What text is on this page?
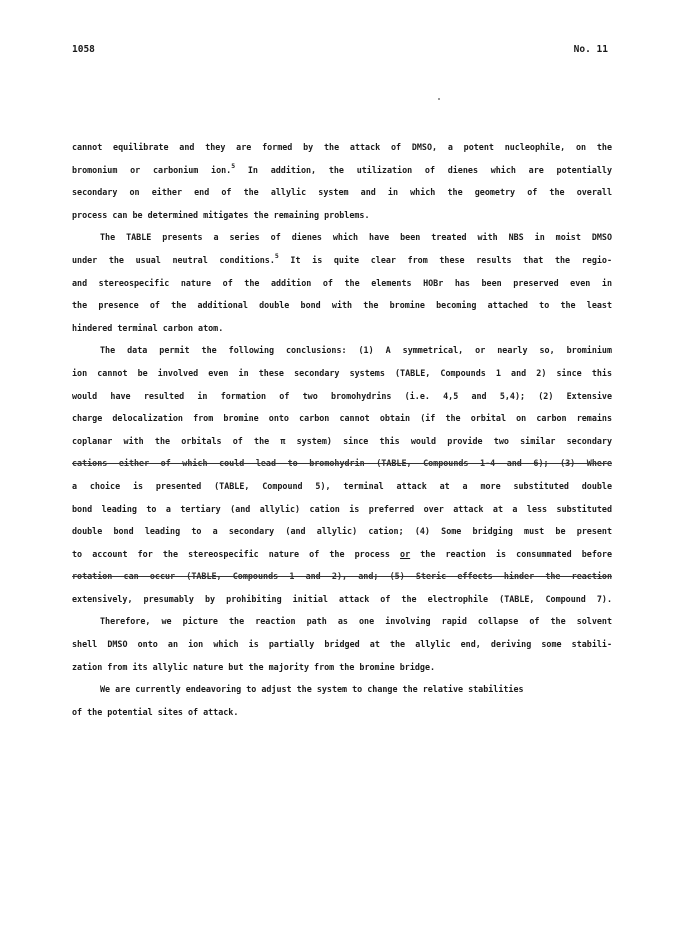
1058	No. 11
cannot equilibrate and they are formed by the attack of DMSO, a potent nucleophile, on the
bromonium or carbonium ion.$^5$ In addition, the utilization of dienes which are potentially
secondary on either end of the allylic system and in which the geometry of the overall
process can be determined mitigates the remaining problems.
The TABLE presents a series of dienes which have been treated with NBS in moist DMSO
under the usual neutral conditions.$^5$ It is quite clear from these results that the regio-
and stereospecific nature of the addition of the elements HOBr has been preserved even in
the presence of the additional double bond with the bromine becoming attached to the least
hindered terminal carbon atom.
The data permit the following conclusions: (1) A symmetrical, or nearly so, brominium
ion cannot be involved even in these secondary systems (TABLE, Compounds 1 and 2) since this
would have resulted in formation of two bromohydrins (i.e. 4,5 and 5,4); (2) Extensive
charge delocalization from bromine onto carbon cannot obtain (if the orbital on carbon remains
coplanar with the orbitals of the π system) since this would provide two similar secondary
cations either of which could lead to bromohydrin (TABLE, Compounds 1-4 and 6); (3) Where
a choice is presented (TABLE, Compound 5), terminal attack at a more substituted double
bond leading to a tertiary (and allylic) cation is preferred over attack at a less substituted
double bond leading to a secondary (and allylic) cation; (4) Some bridging must be present
to account for the stereospecific nature of the process or the reaction is consummated before
rotation can occur (TABLE, Compounds 1 and 2), and; (5) Steric effects hinder the reaction
extensively, presumably by prohibiting initial attack of the electrophile (TABLE, Compound 7).
Therefore, we picture the reaction path as one involving rapid collapse of the solvent
shell DMSO onto an ion which is partially bridged at the allylic end, deriving some stabili-
zation from its allylic nature but the majority from the bromine bridge.
We are currently endeavoring to adjust the system to change the relative stabilities
of the potential sites of attack.
